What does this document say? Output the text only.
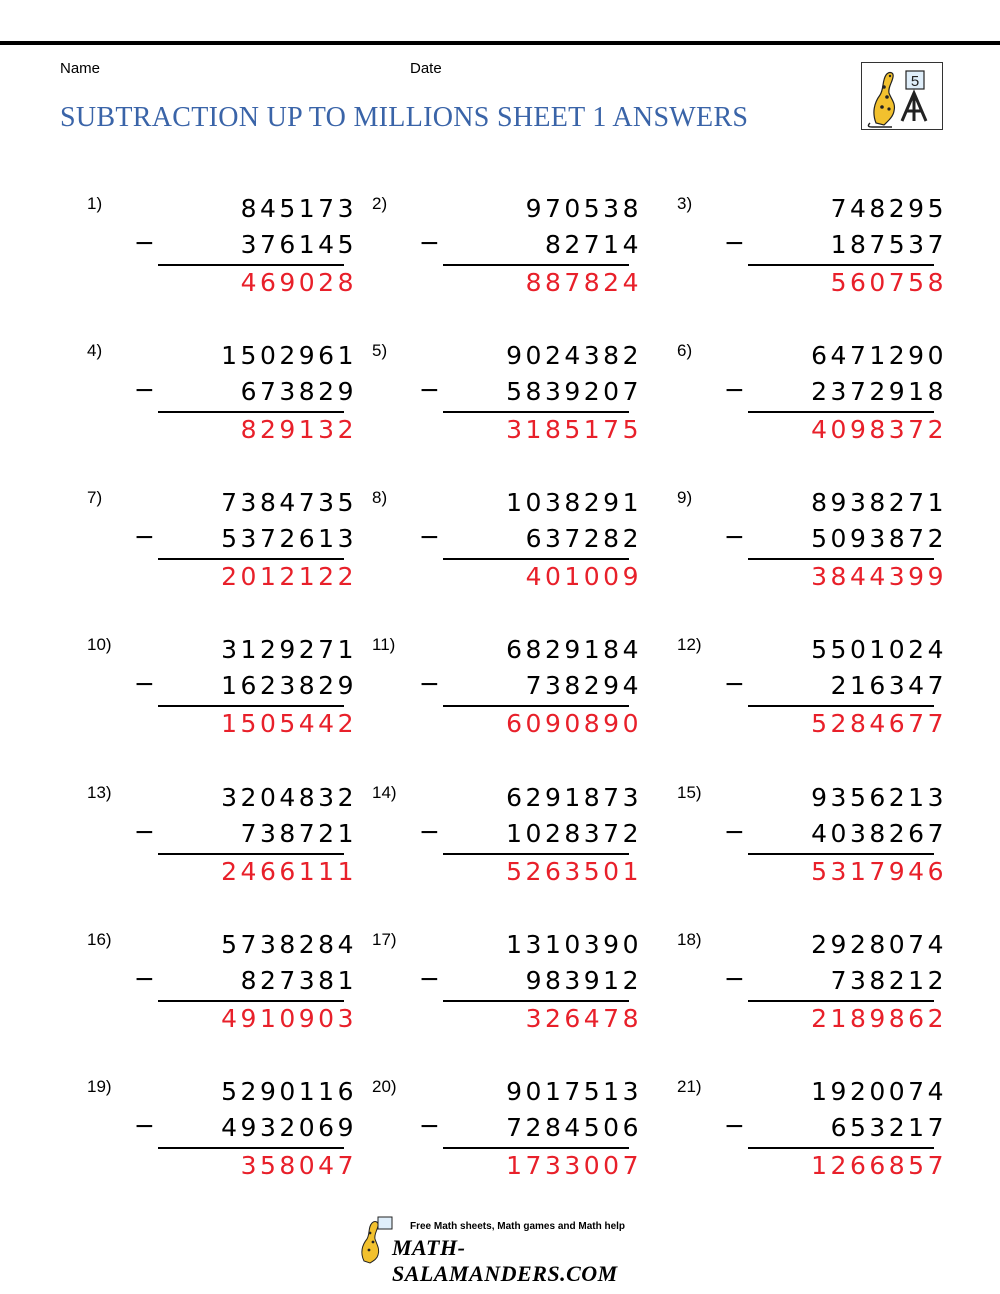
Name	Date
SUBTRACTION UP TO MILLIONS SHEET 1 ANSWERS
5
1)	845173
−	376145
469028
2)	970538
−	82714
887824
3)	748295
−	187537
560758
4)	1502961
−	673829
829132
5)	9024382
−	5839207
3185175
6)	6471290
−	2372918
4098372
7)	7384735
−	5372613
2012122
8)	1038291
−	637282
401009
9)	8938271
−	5093872
3844399
10)	3129271
−	1623829
1505442
11)	6829184
−	738294
6090890
12)	5501024
−	216347
5284677
13)	3204832
−	738721
2466111
14)	6291873
−	1028372
5263501
15)	9356213
−	4038267
5317946
16)	5738284
−	827381
4910903
17)	1310390
−	983912
326478
18)	2928074
−	738212
2189862
19)	5290116
−	4932069
358047
20)	9017513
−	7284506
1733007
21)	1920074
−	653217
1266857
Free Math sheets, Math games and Math help
MATH-SALAMANDERS.COM
